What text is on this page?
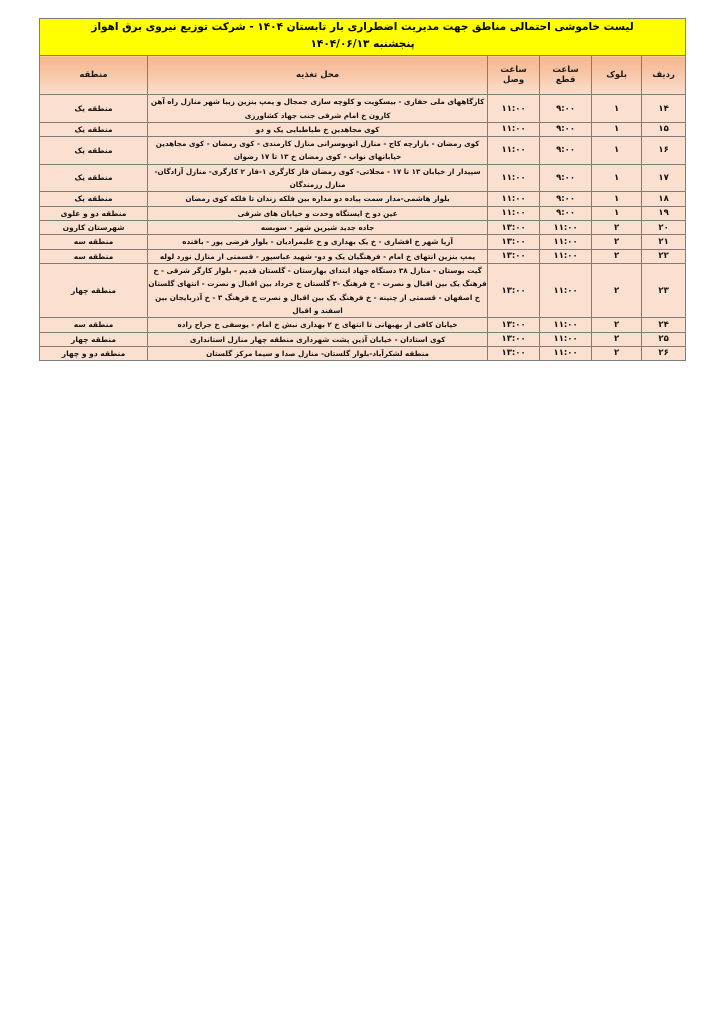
لیست خاموشی احتمالی مناطق جهت مدیریت اضطراری بار تابستان ۱۴۰۴ - شرکت توزیع نیروی برق اهواز
پنجشنبه ۱۴۰۴/۰۶/۱۳					

ردیف	بلوک	ساعت قطع	ساعت وصل	محل تغذیه	منطقه

۱۴	۱	۹:۰۰	۱۱:۰۰	کارگاههای ملی حفاری - بیسکویت و کلوچه سازی جمجال و پمپ بنزین زیبا شهر منازل راه آهن کارون خ امام شرقی جنب جهاد کشاورزی	منطقه یک
۱۵	۱	۹:۰۰	۱۱:۰۰	کوی مجاهدین خ طباطبایی یک و دو	منطقه یک
۱۶	۱	۹:۰۰	۱۱:۰۰	کوی رمضان - بازارچه کاج - منازل اتوبوسرانی منازل کارمندی - کوی رمضان - کوی مجاهدین خیابانهای نواب - کوی رمضان خ ۱۳ تا ۱۷ رضوان	منطقه یک
۱۷	۱	۹:۰۰	۱۱:۰۰	سپیدار از خیابان ۱۳ تا ۱۷ - محلاتی- کوی رمضان فاز کارگری ۱-فاز ۲ کارگری- منازل آزادگان- منازل رزمندگان	منطقه یک
۱۸	۱	۹:۰۰	۱۱:۰۰	بلوار هاشمی-مدار سمت پیاده دو مداره بین فلکه زندان تا فلکه کوی رمضان	منطقه یک
۱۹	۱	۹:۰۰	۱۱:۰۰	عین دو خ ایستگاه وحدت و خیابان های شرقی	منطقه دو و علوی
۲۰	۲	۱۱:۰۰	۱۳:۰۰	جاده جدید شیرین شهر - سوبسه	شهرستان کارون
۲۱	۲	۱۱:۰۰	۱۳:۰۰	آریا شهر خ افشاری - خ یک بهداری و خ علیمرادیان - بلوار فرضی پور - بافنده	منطقه سه
۲۲	۲	۱۱:۰۰	۱۳:۰۰	پمپ بنزین انتهای خ امام - فرهنگیان یک و دو- شهید عباسپور - قسمتی از منازل نورد لوله	منطقه سه
۲۳	۲	۱۱:۰۰	۱۳:۰۰	گیت بوستان - منازل ۳۸ دستگاه جهاد ابتدای بهارستان - گلستان قدیم - بلوار کارگر شرقی - خ فرهنگ یک بین اقبال و نصرت - خ فرهنگ -۳ گلستان خ خرداد بین اقبال و نصرت - انتهای گلستان خ اصفهان - قسمتی از چنینه - خ فرهنگ یک بین اقبال و نصرت خ فرهنگ ۳ - خ آذربایجان بین اسفند و اقبال	منطقه چهار
۲۴	۲	۱۱:۰۰	۱۳:۰۰	خیابان کافی از بهبهانی تا انتهای خ ۲ بهداری نبش خ امام - یوسفی خ جراح زاده	منطقه سه
۲۵	۲	۱۱:۰۰	۱۳:۰۰	کوی استادان - خیابان آذین پشت شهرداری منطقه چهار منازل استانداری	منطقه چهار
۲۶	۲	۱۱:۰۰	۱۳:۰۰	منطقه لشکرآباد-بلوار گلستان- منازل صدا و سیما مرکز گلستان	منطقه دو و چهار
